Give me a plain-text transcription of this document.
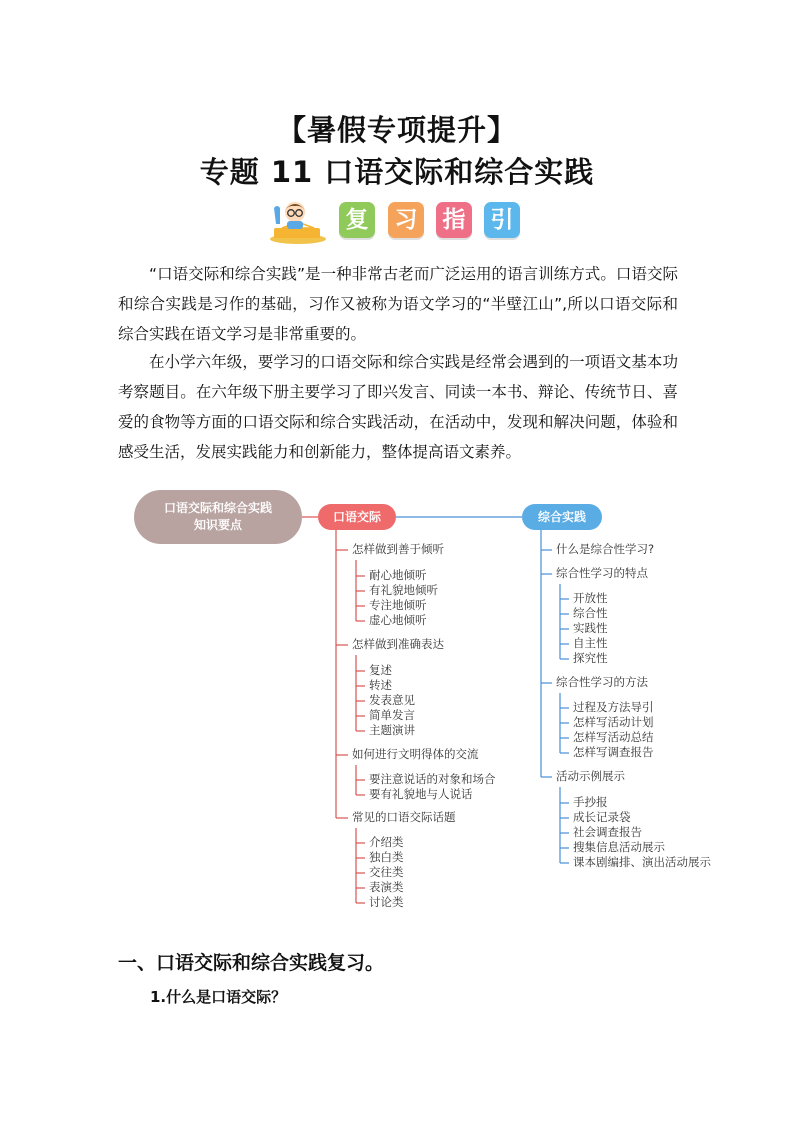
【暑假专项提升】
专题 11 口语交际和综合实践
复 习 指 引

“口语交际和综合实践”是一种非常古老而广泛运用的语言训练方式。口语交际和综合实践是习作的基础，习作又被称为语文学习的“半壁江山”,所以口语交际和综合实践在语文学习是非常重要的。

在小学六年级，要学习的口语交际和综合实践是经常会遇到的一项语文基本功考察题目。在六年级下册主要学习了即兴发言、同读一本书、辩论、传统节日、喜爱的食物等方面的口语交际和综合实践活动，在活动中，发现和解决问题，体验和感受生活，发展实践能力和创新能力，整体提高语文素养。

口语交际和综合实践
知识要点
口语交际	综合实践
怎样做到善于倾听
耐心地倾听
有礼貌地倾听
专注地倾听
虚心地倾听
怎样做到准确表达
复述
转述
发表意见
简单发言
主题演讲
如何进行文明得体的交流
要注意说话的对象和场合
要有礼貌地与人说话
常见的口语交际话题
介绍类
独白类
交往类
表演类
讨论类
什么是综合性学习?
综合性学习的特点
开放性
综合性
实践性
自主性
探究性
综合性学习的方法
过程及方法导引
怎样写活动计划
怎样写活动总结
怎样写调查报告
活动示例展示
手抄报
成长记录袋
社会调查报告
搜集信息活动展示
课本剧编排、演出活动展示
一、口语交际和综合实践复习。
1.什么是口语交际？
